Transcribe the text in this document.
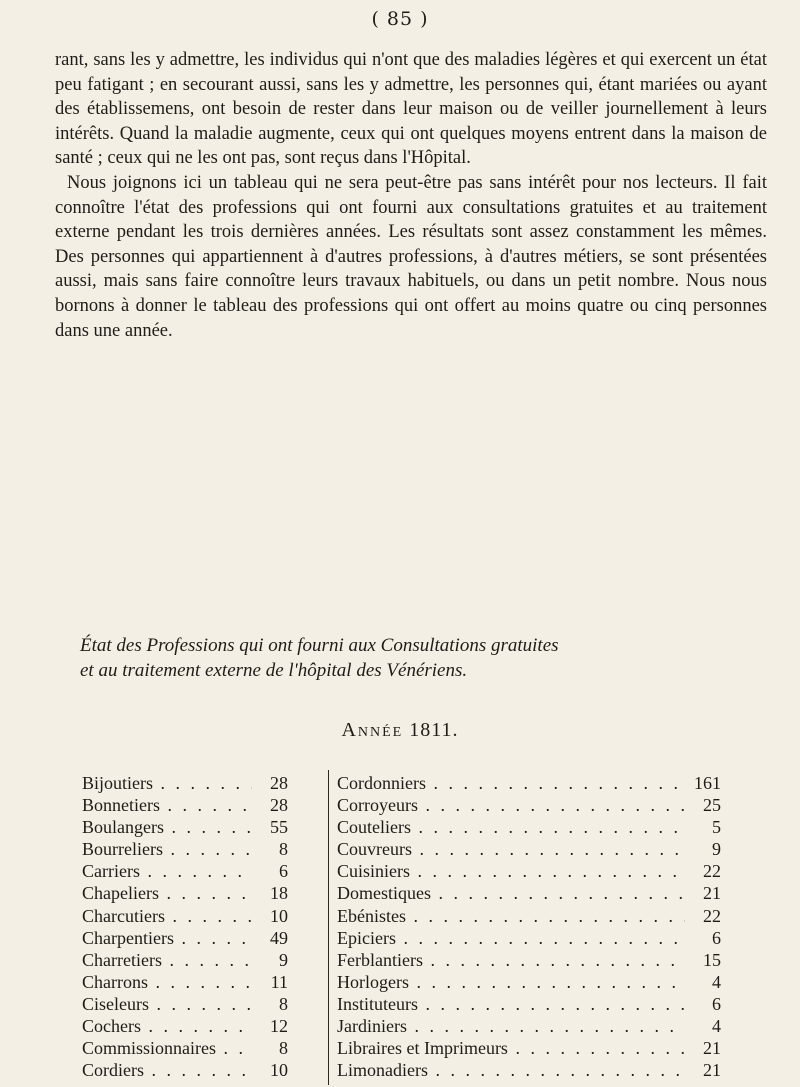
( 85 )

rant, sans les y admettre, les individus qui n'ont que des maladies légères et qui exercent un état peu fatigant ; en secourant aussi, sans les y admettre, les personnes qui, étant mariées ou ayant des établissemens, ont besoin de rester dans leur maison ou de veiller journellement à leurs intérêts. Quand la maladie augmente, ceux qui ont quelques moyens entrent dans la maison de santé ; ceux qui ne les ont pas, sont reçus dans l'Hôpital.

Nous joignons ici un tableau qui ne sera peut-être pas sans intérêt pour nos lecteurs. Il fait connoître l'état des professions qui ont fourni aux consultations gratuites et au traitement externe pendant les trois dernières années. Les résultats sont assez constamment les mêmes. Des personnes qui appartiennent à d'autres professions, à d'autres métiers, se sont présentées aussi, mais sans faire connoître leurs travaux habituels, ou dans un petit nombre. Nous nous bornons à donner le tableau des professions qui ont offert au moins quatre ou cinq personnes dans une année.

État des Professions qui ont fourni aux Consultations gratuites
et au traitement externe de l'hôpital des Vénériens.
Année 1811.
Bijoutiers . . .	28
Bonnetiers . . .	28
Boulangers . . .	55
Bourreliers . . .	8
Carriers . . .	6
Chapeliers . . .	18
Charcutiers . . .	10
Charpentiers . . .	49
Charretiers . . .	9
Charrons . . .	11
Ciseleurs . . .	8
Cochers . . .	12
Commissionnaires . . .	8
Cordiers . . .	10
Cordonniers . . .	161
Corroyeurs . . .	25
Couteliers . . .	5
Couvreurs . . .	9
Cuisiniers . . .	22
Domestiques . . .	21
Ebénistes . . .	22
Epiciers . . .	6
Ferblantiers . . .	15
Horlogers . . .	4
Instituteurs . . .	6
Jardiniers . . .	4
Libraires et Imprimeurs . . .	21
Limonadiers . . .	21
